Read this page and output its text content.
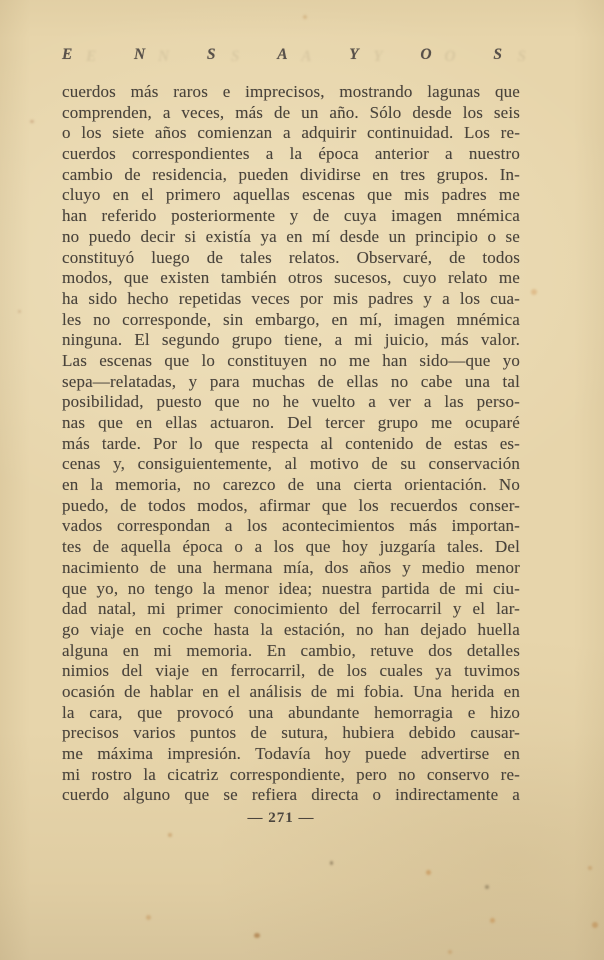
E	N	S	A	Y	O	S
E	N	S	A	Y	O	S
cuerdos más raros e imprecisos, mostrando lagunas que
comprenden, a veces, más de un año. Sólo desde los seis
o los siete años comienzan a adquirir continuidad. Los re-
cuerdos correspondientes a la época anterior a nuestro
cambio de residencia, pueden dividirse en tres grupos. In-
cluyo en el primero aquellas escenas que mis padres me
han referido posteriormente y de cuya imagen mnémica
no puedo decir si existía ya en mí desde un principio o se
constituyó luego de tales relatos. Observaré, de todos
modos, que existen también otros sucesos, cuyo relato me
ha sido hecho repetidas veces por mis padres y a los cua-
les no corresponde, sin embargo, en mí, imagen mnémica
ninguna. El segundo grupo tiene, a mi juicio, más valor.
Las escenas que lo constituyen no me han sido—que yo
sepa—relatadas, y para muchas de ellas no cabe una tal
posibilidad, puesto que no he vuelto a ver a las perso-
nas que en ellas actuaron. Del tercer grupo me ocuparé
más tarde. Por lo que respecta al contenido de estas es-
cenas y, consiguientemente, al motivo de su conservación
en la memoria, no carezco de una cierta orientación. No
puedo, de todos modos, afirmar que los recuerdos conser-
vados correspondan a los acontecimientos más importan-
tes de aquella época o a los que hoy juzgaría tales. Del
nacimiento de una hermana mía, dos años y medio menor
que yo, no tengo la menor idea; nuestra partida de mi ciu-
dad natal, mi primer conocimiento del ferrocarril y el lar-
go viaje en coche hasta la estación, no han dejado huella
alguna en mi memoria. En cambio, retuve dos detalles
nimios del viaje en ferrocarril, de los cuales ya tuvimos
ocasión de hablar en el análisis de mi fobia. Una herida en
la cara, que provocó una abundante hemorragia e hizo
precisos varios puntos de sutura, hubiera debido causar-
me máxima impresión. Todavía hoy puede advertirse en
mi rostro la cicatriz correspondiente, pero no conservo re-
cuerdo alguno que se refiera directa o indirectamente a
— 271 —
